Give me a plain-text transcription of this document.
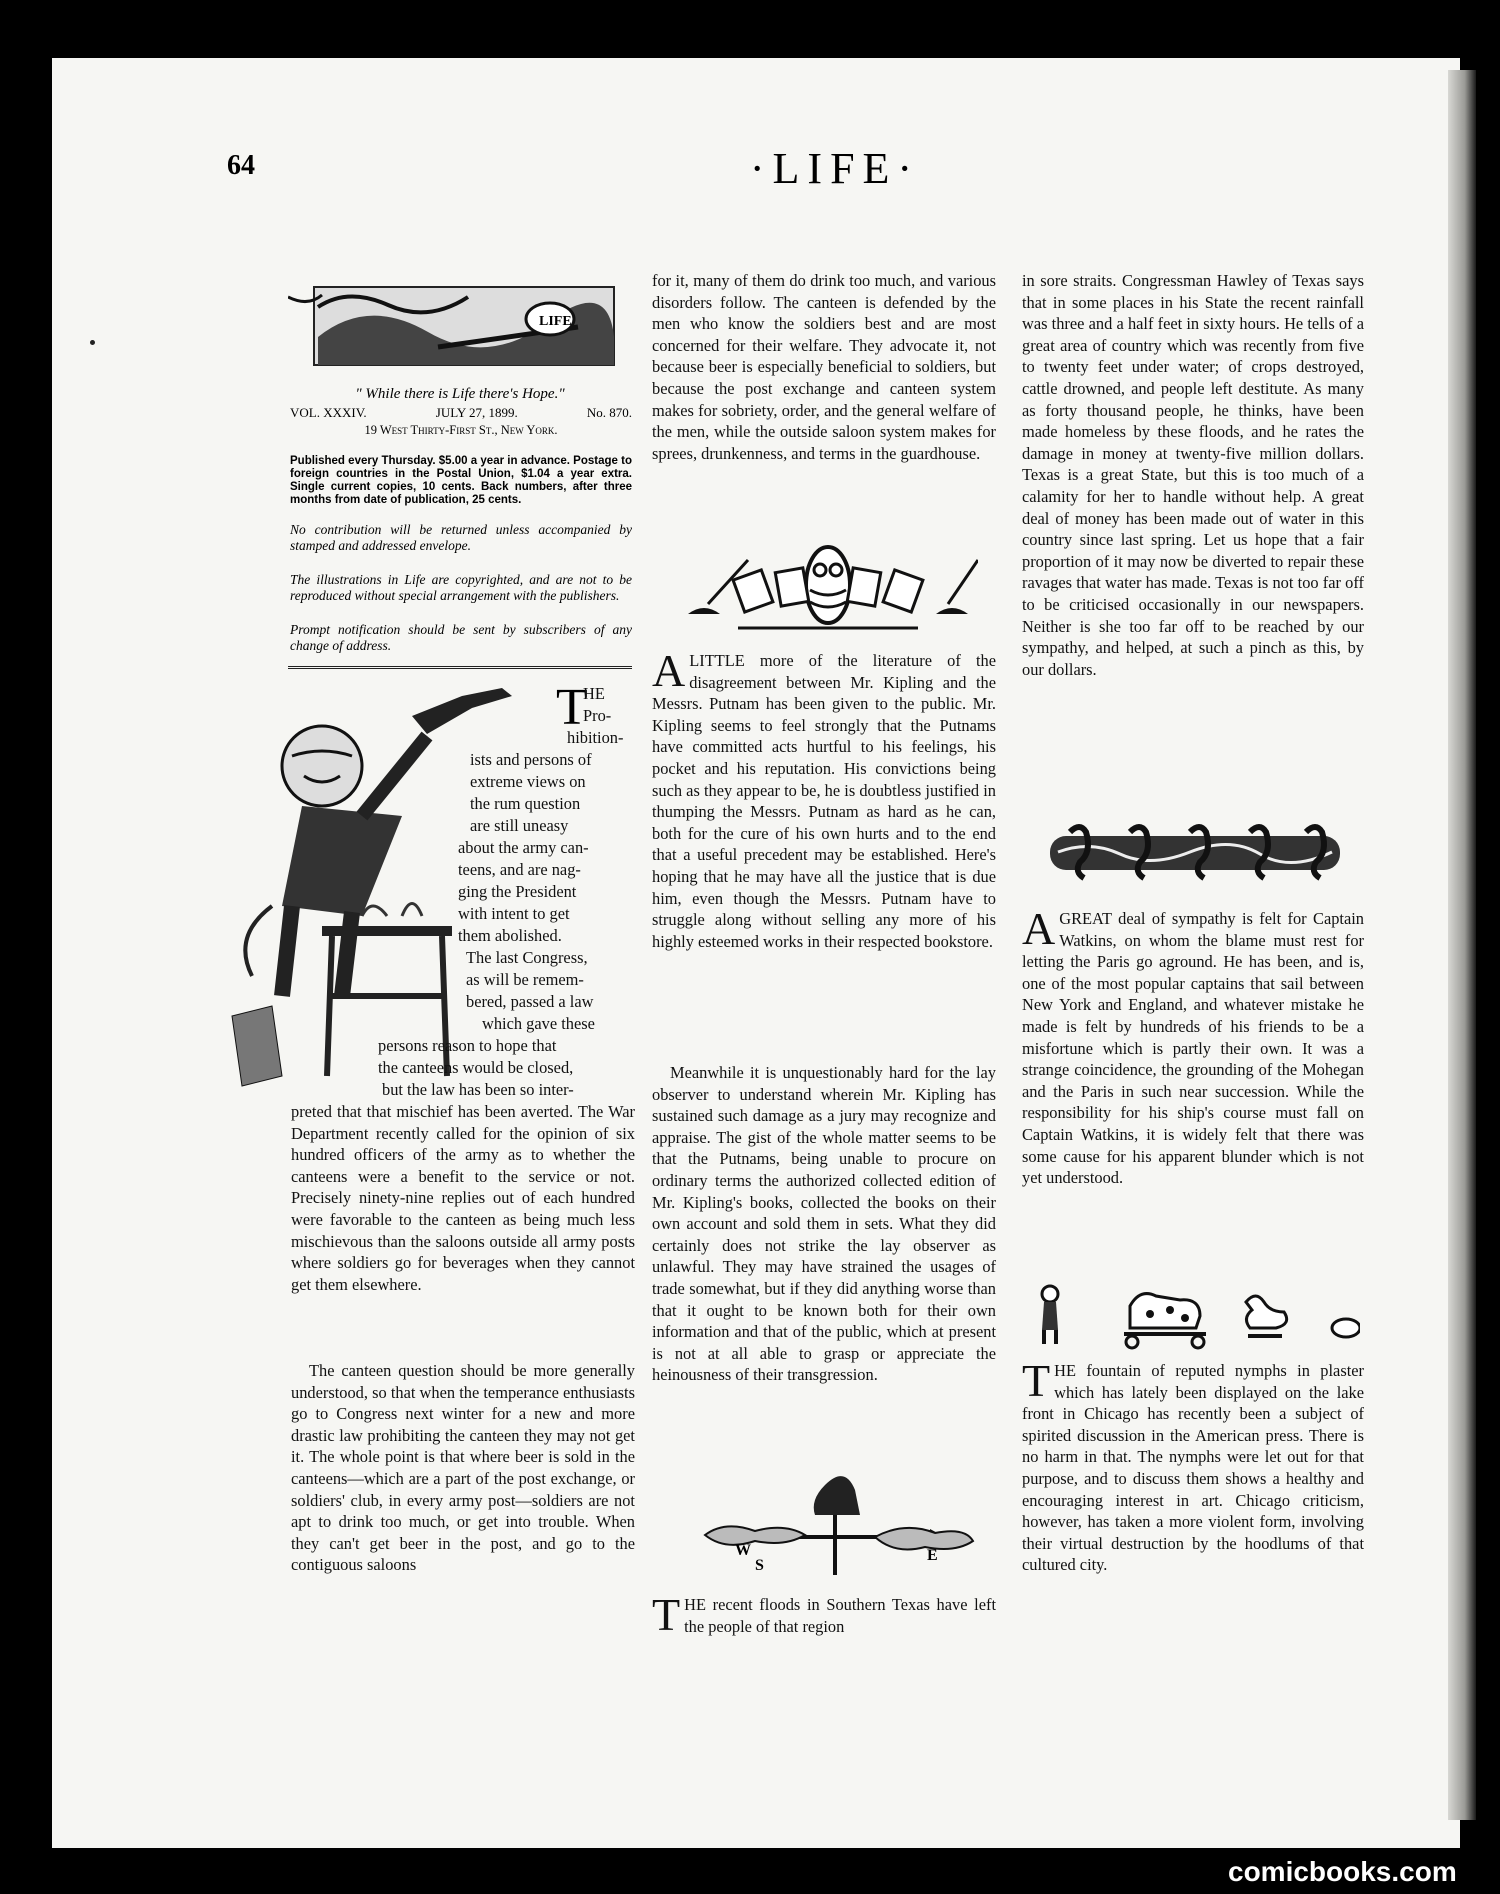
64	·LIFE·
LIFE
" While there is Life there's Hope."
VOL. XXXIV.	JULY 27, 1899.	No. 870.
19 West Thirty-First St., New York.
Published every Thursday. $5.00 a year in advance. Postage to foreign countries in the Postal Union, $1.04 a year extra. Single current copies, 10 cents. Back numbers, after three months from date of publication, 25 cents.
No contribution will be returned unless accompanied by stamped and addressed envelope.
The illustrations in Life are copyrighted, and are not to be reproduced without special arrangement with the publishers.
Prompt notification should be sent by subscribers of any change of address.
T
HE
Pro-
hibition-
ists and persons of
extreme views on
the rum question
are still uneasy
about the army can-
teens, and are nag-
ging the President
with intent to get
them abolished.
The last Congress,
as will be remem-
bered, passed a law
which gave these
persons reason to hope that
the canteens would be closed,
but the law has been so inter-
preted that that mischief has been averted. The War Department recently called for the opinion of six hundred officers of the army as to whether the canteens were a benefit to the service or not. Precisely ninety-nine replies out of each hundred were favorable to the canteen as being much less mischievous than the saloons outside all army posts where soldiers go for beverages when they cannot get them elsewhere.
The canteen question should be more generally understood, so that when the temperance enthusiasts go to Congress next winter for a new and more drastic law prohibiting the canteen they may not get it. The whole point is that where beer is sold in the canteens—which are a part of the post exchange, or soldiers' club, in every army post—soldiers are not apt to drink too much, or get into trouble. When they can't get beer in the post, and go to the contiguous saloons
for it, many of them do drink too much, and various disorders follow. The canteen is defended by the men who know the soldiers best and are most concerned for their welfare. They advocate it, not because beer is especially beneficial to soldiers, but because the post exchange and canteen system makes for sobriety, order, and the general welfare of the men, while the outside saloon system makes for sprees, drunkenness, and terms in the guardhouse.
A LITTLE more of the literature of the disagreement between Mr. Kipling and the Messrs. Putnam has been given to the public. Mr. Kipling seems to feel strongly that the Putnams have committed acts hurtful to his feelings, his pocket and his reputation. His convictions being such as they appear to be, he is doubtless justified in thumping the Messrs. Putnam as hard as he can, both for the cure of his own hurts and to the end that a useful precedent may be established. Here's hoping that he may have all the justice that is due him, even though the Messrs. Putnam have to struggle along without selling any more of his highly esteemed works in their respected bookstore.
Meanwhile it is unquestionably hard for the lay observer to understand wherein Mr. Kipling has sustained such damage as a jury may recognize and appraise. The gist of the whole matter seems to be that the Putnams, being unable to procure on ordinary terms the authorized collected edition of Mr. Kipling's books, collected the books on their own account and sold them in sets. What they did certainly does not strike the lay observer as unlawful. They may have strained the usages of trade somewhat, but if they did anything worse than that it ought to be known both for their own information and that of the public, which at present is not at all able to grasp or appreciate the heinousness of their transgression.
W
S
E
T HE recent floods in Southern Texas have left the people of that region
in sore straits. Congressman Hawley of Texas says that in some places in his State the recent rainfall was three and a half feet in sixty hours. He tells of a great area of country which was recently from five to twenty feet under water; of crops destroyed, cattle drowned, and people left destitute. As many as forty thousand people, he thinks, have been made homeless by these floods, and he rates the damage in money at twenty-five million dollars. Texas is a great State, but this is too much of a calamity for her to handle without help. A great deal of money has been made out of water in this country since last spring. Let us hope that a fair proportion of it may now be diverted to repair these ravages that water has made. Texas is not too far off to be criticised occasionally in our newspapers. Neither is she too far off to be reached by our sympathy, and helped, at such a pinch as this, by our dollars.
A GREAT deal of sympathy is felt for Captain Watkins, on whom the blame must rest for letting the Paris go aground. He has been, and is, one of the most popular captains that sail between New York and England, and whatever mistake he made is felt by hundreds of his friends to be a misfortune which is partly their own. It was a strange coincidence, the grounding of the Mohegan and the Paris in such near succession. While the responsibility for his ship's course must fall on Captain Watkins, it is widely felt that there was some cause for his apparent blunder which is not yet understood.
T HE fountain of reputed nymphs in plaster which has lately been displayed on the lake front in Chicago has recently been a subject of spirited discussion in the American press. There is no harm in that. The nymphs were let out for that purpose, and to discuss them shows a healthy and encouraging interest in art. Chicago criticism, however, has taken a more violent form, involving their virtual destruction by the hoodlums of that cultured city.
comicbooks.com
